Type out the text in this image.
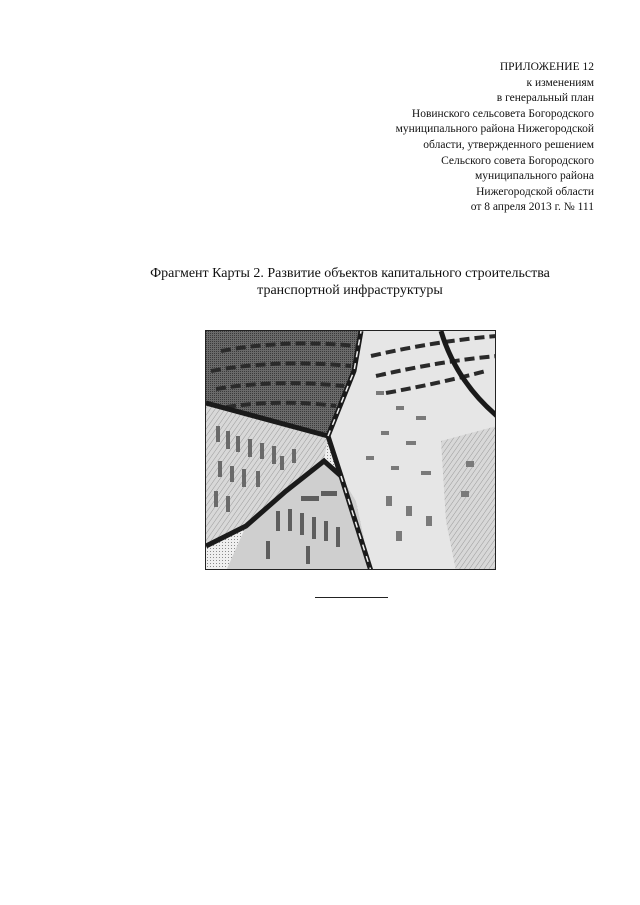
ПРИЛОЖЕНИЕ 12
к изменениям
в генеральный план
Новинского сельсовета Богородского
муниципального района Нижегородской
области, утвержденного решением
Сельского совета Богородского
муниципального района
Нижегородской области
от 8 апреля 2013 г. № 111
Фрагмент Карты 2. Развитие объектов капитального строительства
транспортной инфраструктуры
